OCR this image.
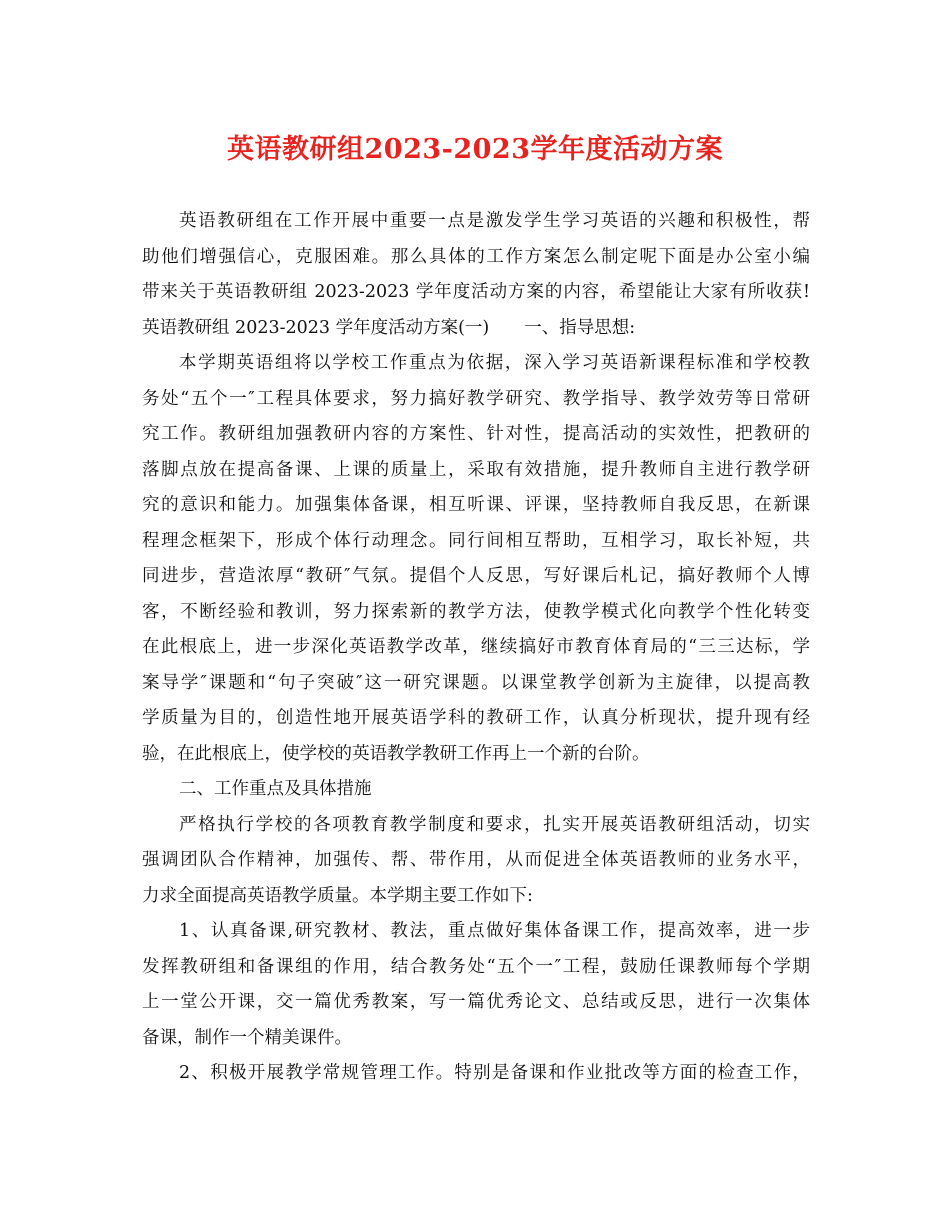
英语教研组2023-2023学年度活动方案
英语教研组在工作开展中重要一点是激发学生学习英语的兴趣和积极性，帮
助他们增强信心，克服困难。那么具体的工作方案怎么制定呢下面是办公室小编
带来关于英语教研组 2023-2023 学年度活动方案的内容，希望能让大家有所收获!
英语教研组 2023-2023 学年度活动方案(一)　　一、指导思想:
本学期英语组将以学校工作重点为依据，深入学习英语新课程标准和学校教
务处“五个一″工程具体要求，努力搞好教学研究、教学指导、教学效劳等日常研
究工作。教研组加强教研内容的方案性、针对性，提高活动的实效性，把教研的
落脚点放在提高备课、上课的质量上，采取有效措施，提升教师自主进行教学研
究的意识和能力。加强集体备课，相互听课、评课，坚持教师自我反思，在新课
程理念框架下，形成个体行动理念。同行间相互帮助，互相学习，取长补短，共
同进步，营造浓厚“教研″气氛。提倡个人反思，写好课后札记，搞好教师个人博
客，不断经验和教训，努力探索新的教学方法，使教学模式化向教学个性化转变
在此根底上，进一步深化英语教学改革，继续搞好市教育体育局的“三三达标，学
案导学″课题和“句子突破″这一研究课题。以课堂教学创新为主旋律，以提高教
学质量为目的，创造性地开展英语学科的教研工作，认真分析现状，提升现有经
验，在此根底上，使学校的英语教学教研工作再上一个新的台阶。
二、工作重点及具体措施
严格执行学校的各项教育教学制度和要求，扎实开展英语教研组活动，切实
强调团队合作精神，加强传、帮、带作用，从而促进全体英语教师的业务水平，
力求全面提高英语教学质量。本学期主要工作如下:
1、认真备课,研究教材、教法，重点做好集体备课工作，提高效率，进一步
发挥教研组和备课组的作用，结合教务处“五个一″工程，鼓励任课教师每个学期
上一堂公开课，交一篇优秀教案，写一篇优秀论文、总结或反思，进行一次集体
备课，制作一个精美课件。
2、积极开展教学常规管理工作。特别是备课和作业批改等方面的检查工作，
